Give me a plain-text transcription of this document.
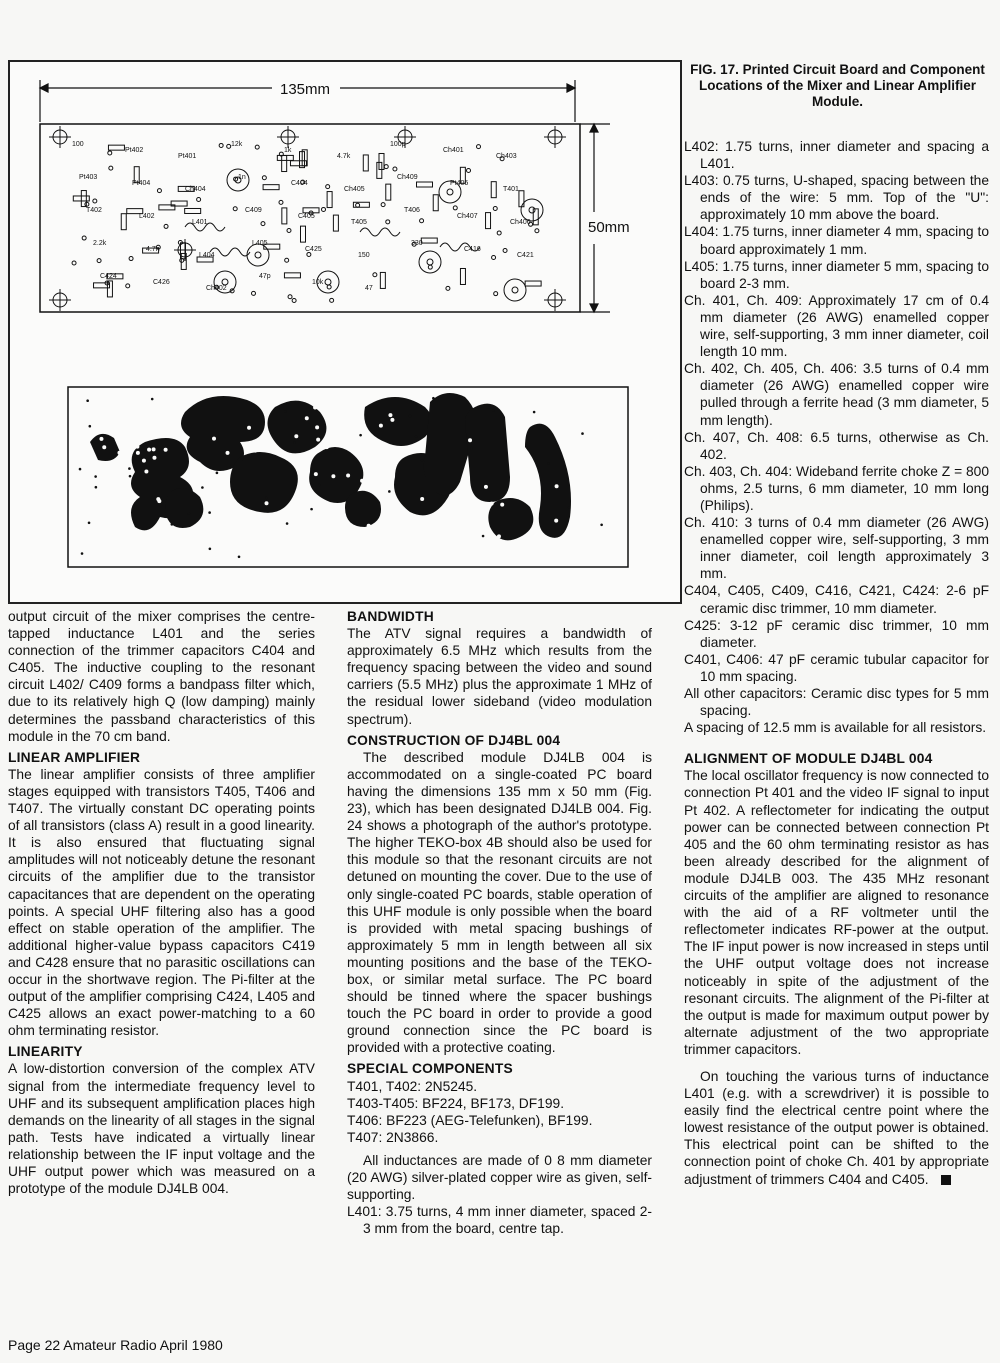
135mm
50mm
100
Pt402
Pt401
12k
1k
4.7k
100p
Ch401
Ch403
Pt403
Pt404
Ch404
1n
C404
Ch405
Ch409
Pt405
T401
T402
L402
L401
C409
C405
T405
T406
Ch407
Ch406
2.2k
4.7n
L404
L405
C425
150
330
C416
C421
C424
C426
Ch402
47p
10k
47
FIG. 17. Printed Circuit Board and Component Locations of the Mixer and Linear Amplifier Module.

output circuit of the mixer comprises the centre-tapped inductance L401 and the series connection of the trimmer capacitors C404 and C405. The inductive coupling to the resonant circuit L402/ C409 forms a bandpass filter which, due to its relatively high Q (low damping) mainly determines the passband characteristics of this module in the 70 cm band.

LINEAR AMPLIFIER

The linear amplifier consists of three amplifier stages equipped with transistors T405, T406 and T407. The virtually constant DC operating points of all transistors (class A) result in a good linearity. It is also ensured that fluctuating signal amplitudes will not noticeably detune the resonant circuits of the amplifier due to the transistor capacitances that are dependent on the operating points. A special UHF filtering also has a good effect on stable operation of the amplifier. The additional higher-value bypass capacitors C419 and C428 ensure that no parasitic oscillations can occur in the shortwave region. The Pi-filter at the output of the amplifier comprising C424, L405 and C425 allows an exact power-matching to a 60 ohm terminating resistor.

LINEARITY

A low-distortion conversion of the complex ATV signal from the intermediate frequency level to UHF and its subsequent amplification places high demands on the linearity of all stages in the signal path. Tests have indicated a virtually linear relationship between the IF input voltage and the UHF output power which was measured on a prototype of the module DJ4LB 004.

BANDWIDTH

The ATV signal requires a bandwidth of approximately 6.5 MHz which results from the frequency spacing between the video and sound carriers (5.5 MHz) plus the approximate 1 MHz of the residual lower sideband (video modulation spectrum).

CONSTRUCTION OF DJ4BL 004

The described module DJ4LB 004 is accommodated on a single-coated PC board having the dimensions 135 mm x 50 mm (Fig. 23), which has been designated DJ4LB 004. Fig. 24 shows a photograph of the author's prototype. The higher TEKO-box 4B should also be used for this module so that the resonant circuits are not detuned on mounting the cover. Due to the use of only single-coated PC boards, stable operation of this UHF module is only possible when the board is provided with metal spacing bushings of approximately 5 mm in length between all six mounting positions and the base of the TEKO-box, or similar metal surface. The PC board should be tinned where the spacer bushings touch the PC board in order to provide a good ground connection since the PC board is provided with a protective coating.

SPECIAL COMPONENTS

T401, T402: 2N5245.

T403-T405: BF224, BF173, DF199.

T406: BF223 (AEG-Telefunken), BF199.

T407: 2N3866.

All inductances are made of 0 8 mm diameter (20 AWG) silver-plated copper wire as given, self-supporting.

L401: 3.75 turns, 4 mm inner diameter, spaced 2-3 mm from the board, centre tap.

L402: 1.75 turns, inner diameter and spacing a L401.

L403: 0.75 turns, U-shaped, spacing between the ends of the wire: 5 mm. Top of the "U": approximately 10 mm above the board.

L404: 1.75 turns, inner diameter 4 mm, spacing to board approximately 1 mm.

L405: 1.75 turns, inner diameter 5 mm, spacing to board 2-3 mm.

Ch. 401, Ch. 409: Approximately 17 cm of 0.4 mm diameter (26 AWG) enamelled copper wire, self-supporting, 3 mm inner diameter, coil length 10 mm.

Ch. 402, Ch. 405, Ch. 406: 3.5 turns of 0.4 mm diameter (26 AWG) enamelled copper wire pulled through a ferrite head (3 mm diameter, 5 mm length).

Ch. 407, Ch. 408: 6.5 turns, otherwise as Ch. 402.

Ch. 403, Ch. 404: Wideband ferrite choke Z = 800 ohms, 2.5 turns, 6 mm diameter, 10 mm long (Philips).

Ch. 410: 3 turns of 0.4 mm diameter (26 AWG) enamelled copper wire, self-supporting, 3 mm inner diameter, coil length approximately 3 mm.

C404, C405, C409, C416, C421, C424: 2-6 pF ceramic disc trimmer, 10 mm diameter.

C425: 3-12 pF ceramic disc trimmer, 10 mm diameter.

C401, C406: 47 pF ceramic tubular capacitor for 10 mm spacing.

All other capacitors: Ceramic disc types for 5 mm spacing.

A spacing of 12.5 mm is available for all resistors.

ALIGNMENT OF MODULE DJ4BL 004

The local oscillator frequency is now connected to connection Pt 401 and the video IF signal to input Pt 402. A reflectometer for indicating the output power can be connected between connection Pt 405 and the 60 ohm terminating resistor as has been already described for the alignment of module DJ4LB 003. The 435 MHz resonant circuits of the amplifier are aligned to resonance with the aid of a RF voltmeter until the reflectometer indicates RF-power at the output. The IF input power is now increased in steps until the UHF output voltage does not increase noticeably in spite of the adjustment of the resonant circuits. The alignment of the Pi-filter at the output is made for maximum output power by alternate adjustment of the two appropriate trimmer capacitors.

On touching the various turns of inductance L401 (e.g. with a screwdriver) it is possible to easily find the electrical centre point where the lowest resistance of the output power is obtained. This electrical point can be shifted to the connection point of choke Ch. 401 by appropriate adjustment of trimmers C404 and C405.

Page 22 Amateur Radio April 1980
